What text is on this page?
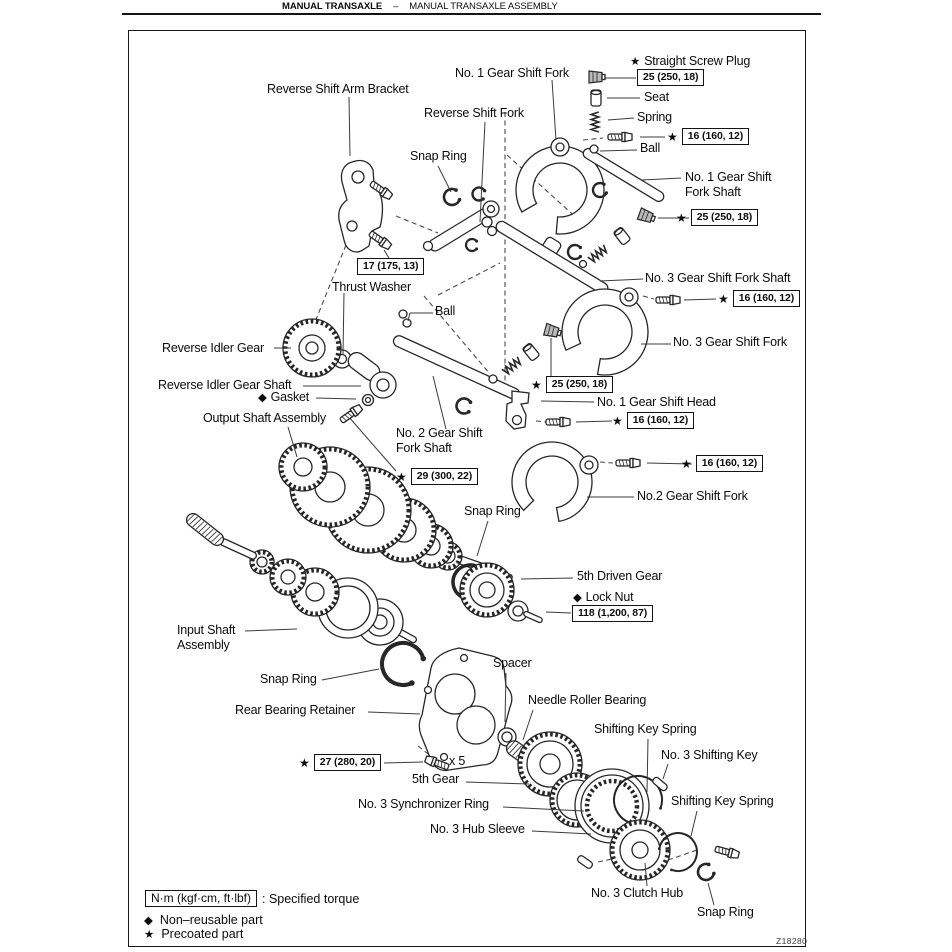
MANUAL TRANSAXLE – MANUAL TRANSAXLE ASSEMBLY
No. 1 Gear Shift Fork
Reverse Shift Arm Bracket
Reverse Shift Fork
★ Straight Screw Plug
Seat
Spring
Snap Ring
Ball
No. 1 Gear Shift
Fork Shaft
No. 3 Gear Shift Fork Shaft
Thrust Washer
Ball
Reverse Idler Gear	No. 3 Gear Shift Fork
Reverse Idler Gear Shaft
◆ Gasket
Output Shaft Assembly
No. 1 Gear Shift Head
No. 2 Gear Shift
Fork Shaft
No.2 Gear Shift Fork
Snap Ring
5th Driven Gear
◆ Lock Nut
Input Shaft
Assembly
Snap Ring
Spacer
Rear Bearing Retainer
Needle Roller Bearing
Shifting Key Spring
No. 3 Shifting Key
x 5
5th Gear
Shifting Key Spring
No. 3 Synchronizer Ring
No. 3 Hub Sleeve
No. 3 Clutch Hub
Snap Ring
25 (250, 18)
★ 16 (160, 12)
★ 25 (250, 18)
17 (175, 13)
★ 16 (160, 12)
★ 25 (250, 18)
★ 16 (160, 12)
★ 29 (300, 22)
★ 16 (160, 12)
118 (1,200, 87)
★ 27 (280, 20)
N·m (kgf·cm, ft·lbf) : Specified torque
◆ Non–reusable part
★ Precoated part	Z18280
